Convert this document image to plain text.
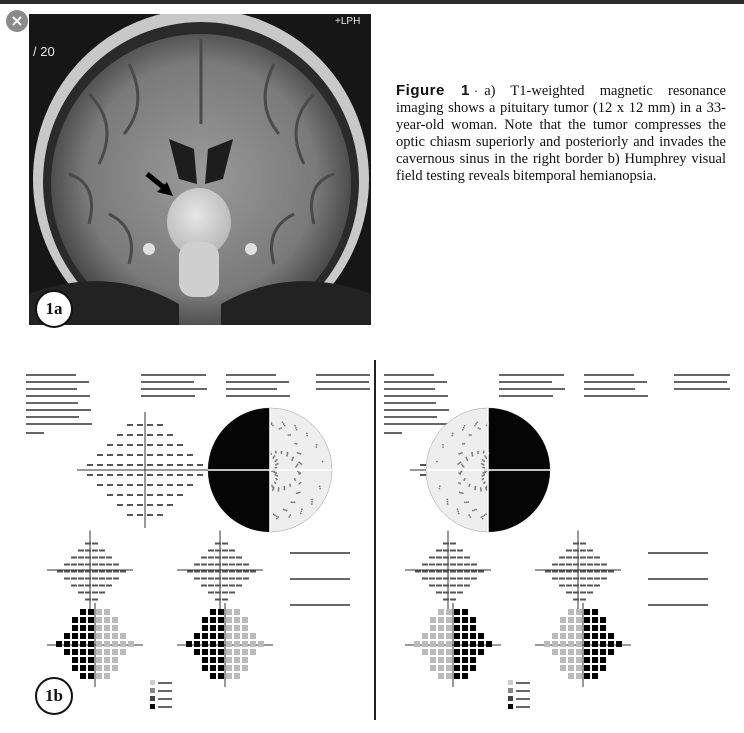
×
/ 20
+LPH
1a
Figure 1 · a) T1-weighted magnetic resonance imaging shows a pituitary tumor (12 x 12 mm) in a 33-year-old woman. Note that the tumor compresses the optic chiasm superiorly and posteriorly and invades the cavernous sinus in the right border b) Humphrey visual field testing reveals bitemporal hemianopsia.
1b
